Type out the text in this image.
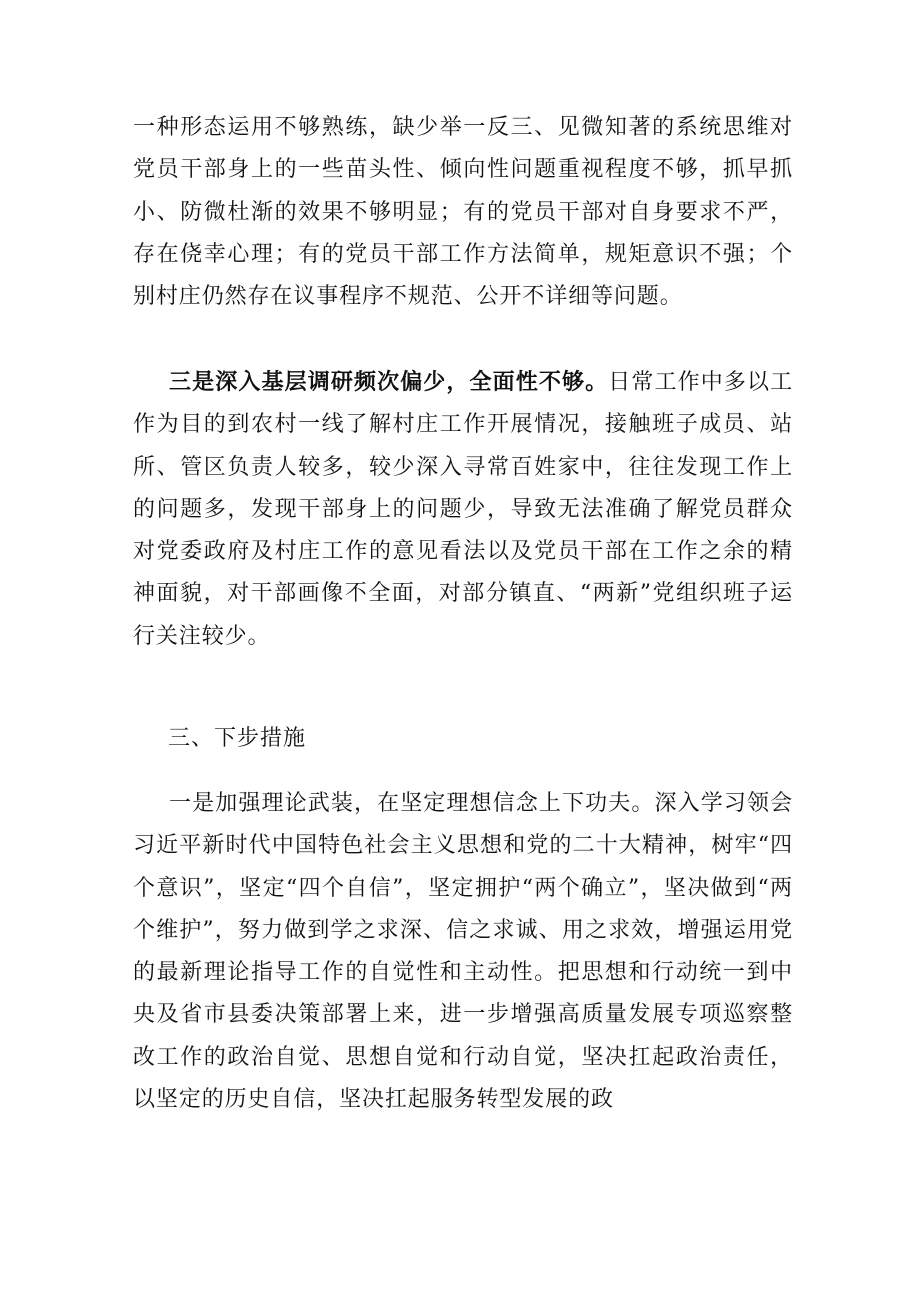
一种形态运用不够熟练，缺少举一反三、见微知著的系统思维对党员干部身上的一些苗头性、倾向性问题重视程度不够，抓早抓小、防微杜渐的效果不够明显；有的党员干部对自身要求不严，存在侥幸心理；有的党员干部工作方法简单，规矩意识不强；个别村庄仍然存在议事程序不规范、公开不详细等问题。

三是深入基层调研频次偏少，全面性不够。日常工作中多以工作为目的到农村一线了解村庄工作开展情况，接触班子成员、站所、管区负责人较多，较少深入寻常百姓家中，往往发现工作上的问题多，发现干部身上的问题少，导致无法准确了解党员群众对党委政府及村庄工作的意见看法以及党员干部在工作之余的精神面貌，对干部画像不全面，对部分镇直、“两新”党组织班子运行关注较少。

三、下步措施

一是加强理论武装，在坚定理想信念上下功夫。深入学习领会习近平新时代中国特色社会主义思想和党的二十大精神，树牢“四个意识”，坚定“四个自信”，坚定拥护“两个确立”，坚决做到“两个维护”，努力做到学之求深、信之求诚、用之求效，增强运用党的最新理论指导工作的自觉性和主动性。把思想和行动统一到中央及省市县委决策部署上来，进一步增强高质量发展专项巡察整改工作的政治自觉、思想自觉和行动自觉，坚决扛起政治责任，以坚定的历史自信，坚决扛起服务转型发展的政
